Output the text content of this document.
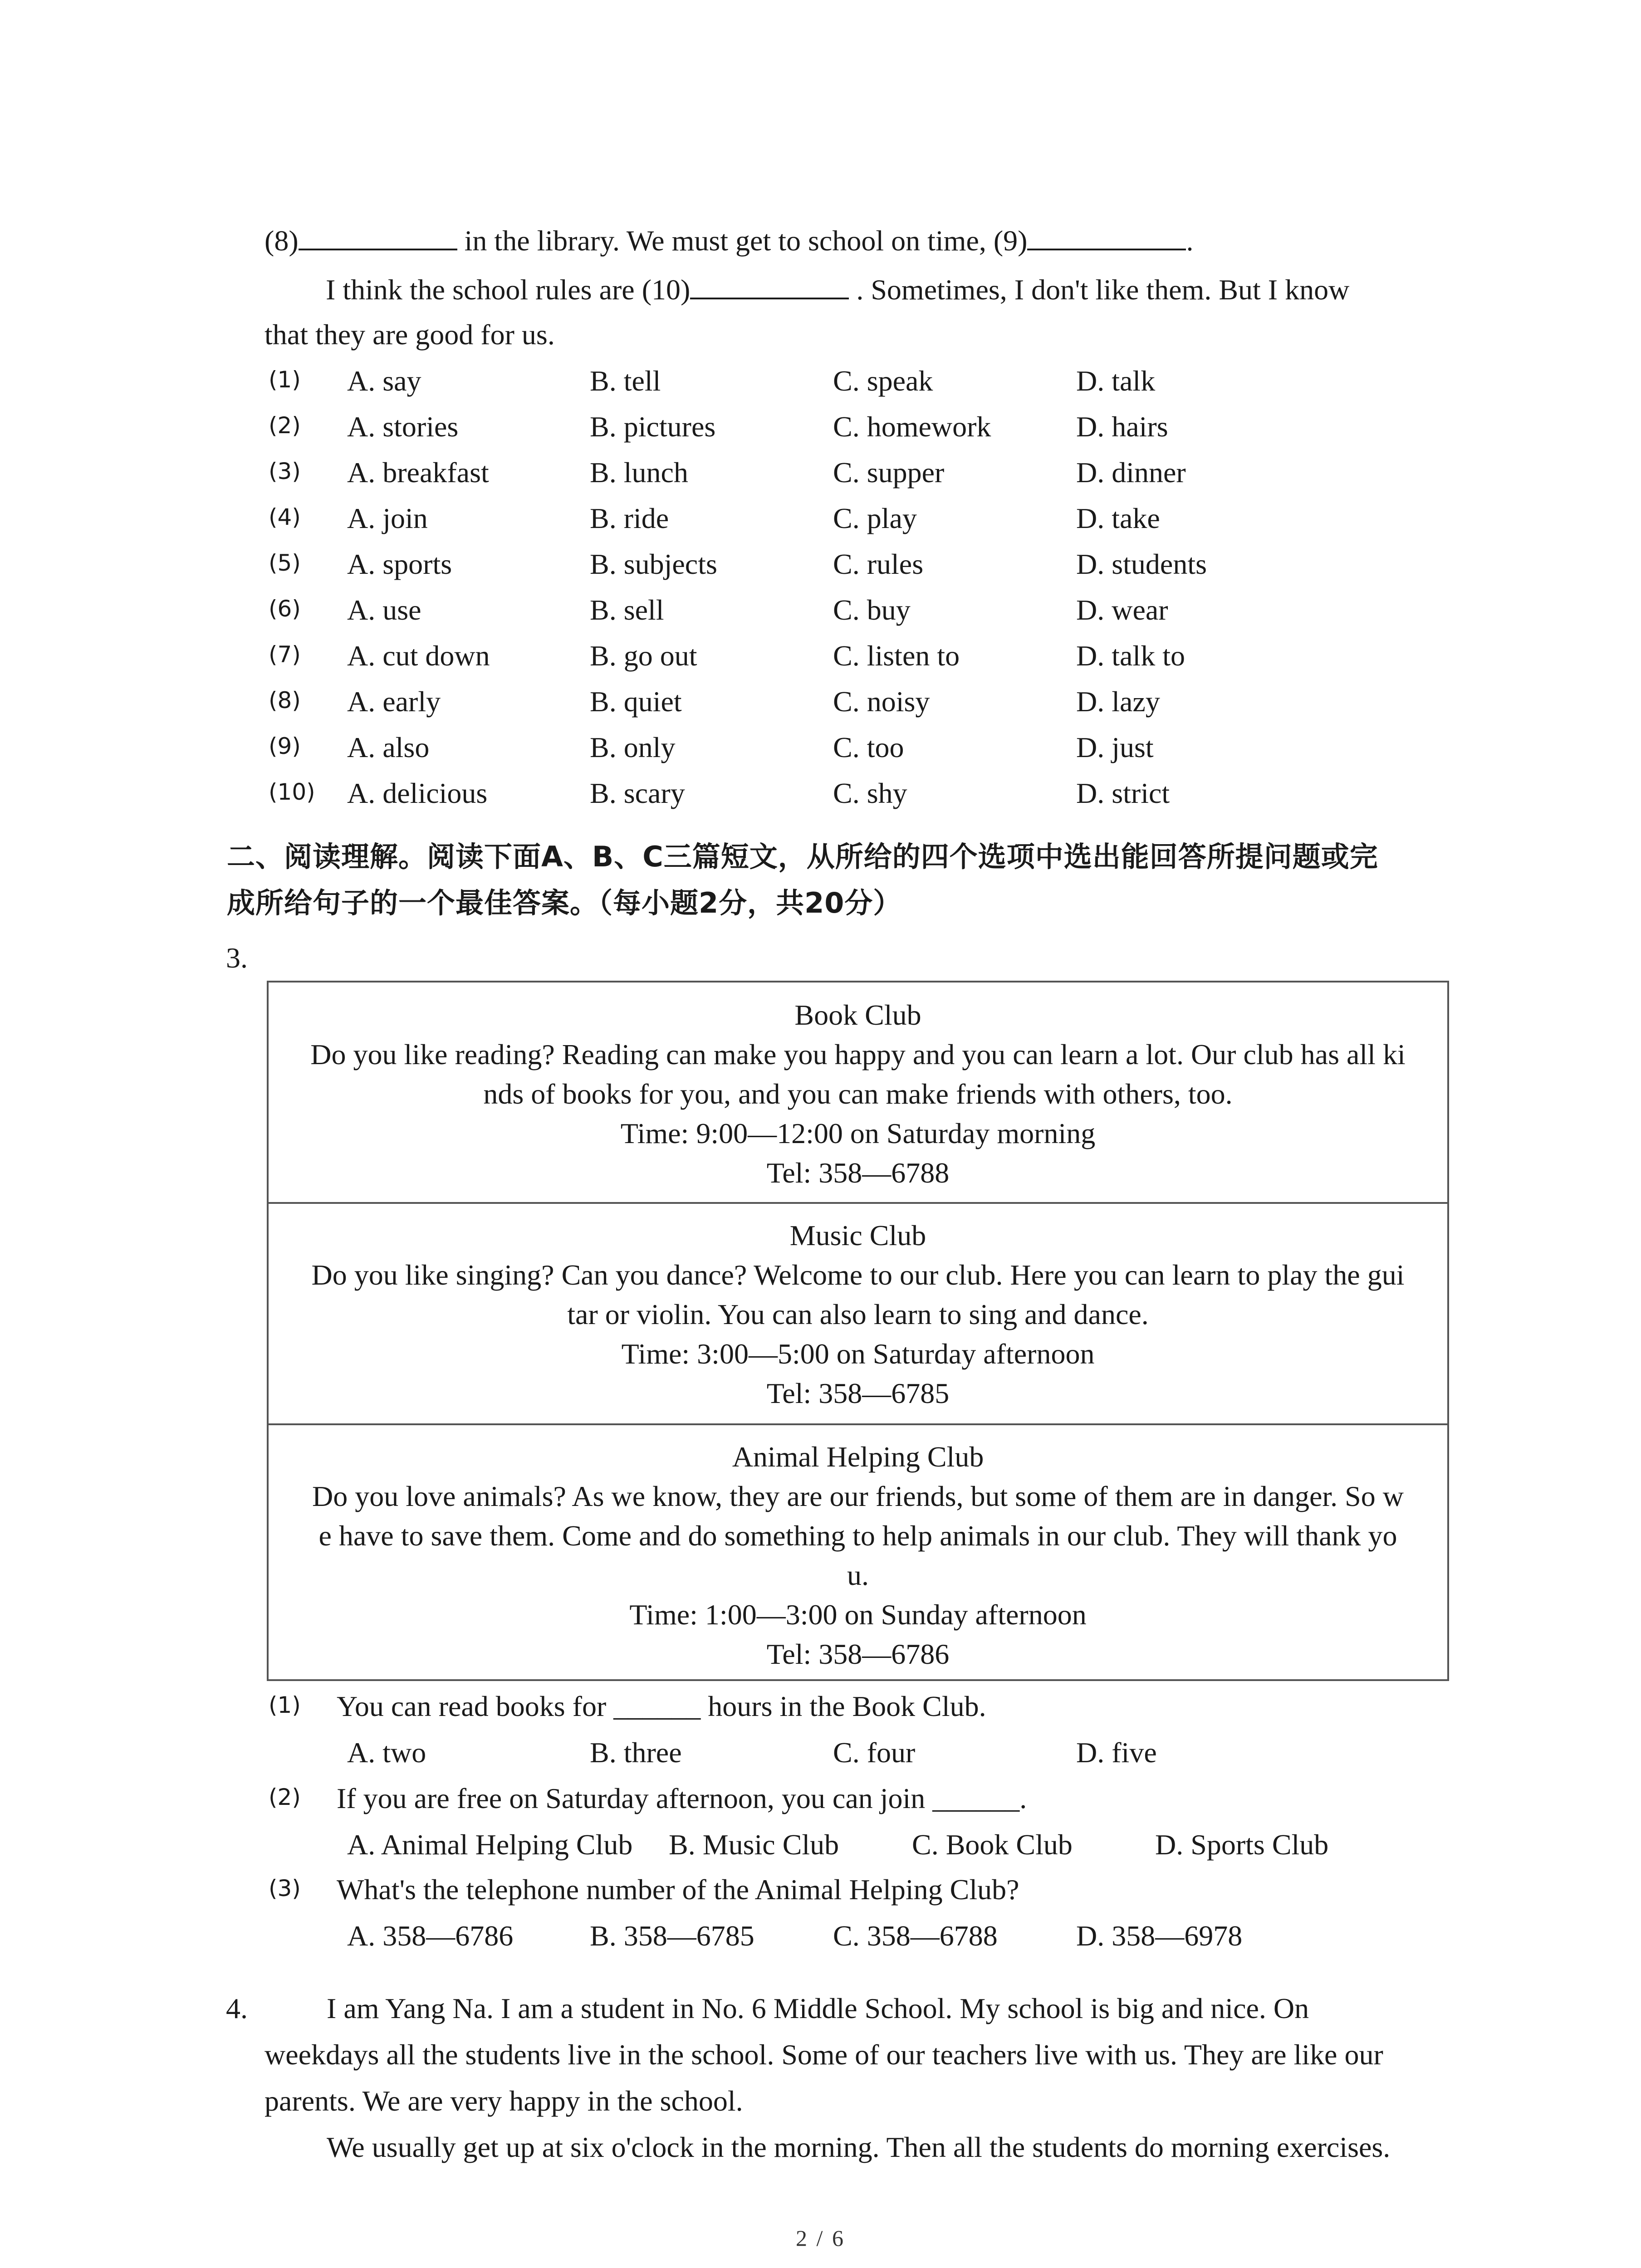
(8)	in the library. We must get to school on time, (9)	.
I think the school rules are (10)	. Sometimes, I don't like them. But I know
that they are good for us.
(1) A. say	B. tell	C. speak	D. talk
(2) A. stories	B. pictures	C. homework	D. hairs
(3) A. breakfast	B. lunch	C. supper	D. dinner
(4) A. join	B. ride	C. play	D. take
(5) A. sports	B. subjects	C. rules	D. students
(6) A. use	B. sell	C. buy	D. wear
(7) A. cut down	B. go out	C. listen to	D. talk to
(8) A. early	B. quiet	C. noisy	D. lazy
(9) A. also	B. only	C. too	D. just
(10) A. delicious	B. scary	C. shy	D. strict
二、阅读理解。阅读下面A、B、C三篇短文，从所给的四个选项中选出能回答所提问题或完
成所给句子的一个最佳答案。（每小题2分，共20分）
3.
Book Club
Do you like reading? Reading can make you happy and you can learn a lot. Our club has all ki
nds of books for you, and you can make friends with others, too.
Time: 9:00—12:00 on Saturday morning
Tel: 358—6788
Music Club
Do you like singing? Can you dance? Welcome to our club. Here you can learn to play the gui
tar or violin. You can also learn to sing and dance.
Time: 3:00—5:00 on Saturday afternoon
Tel: 358—6785
Animal Helping Club
Do you love animals? As we know, they are our friends, but some of them are in danger. So w
e have to save them. Come and do something to help animals in our club. They will thank yo
u.
Time: 1:00—3:00 on Sunday afternoon
Tel: 358—6786
(1) You can read books for ______ hours in the Book Club.
A. two	B. three	C. four	D. five
(2) If you are free on Saturday afternoon, you can join ______.
A. Animal Helping Club B. Music Club	C. Book Club	D. Sports Club
(3) What's the telephone number of the Animal Helping Club?
A. 358—6786	B. 358—6785	C. 358—6788	D. 358—6978
4.	I am Yang Na. I am a student in No. 6 Middle School. My school is big and nice. On
weekdays all the students live in the school. Some of our teachers live with us. They are like our
parents. We are very happy in the school.
We usually get up at six o'clock in the morning. Then all the students do morning exercises.
2 / 6
